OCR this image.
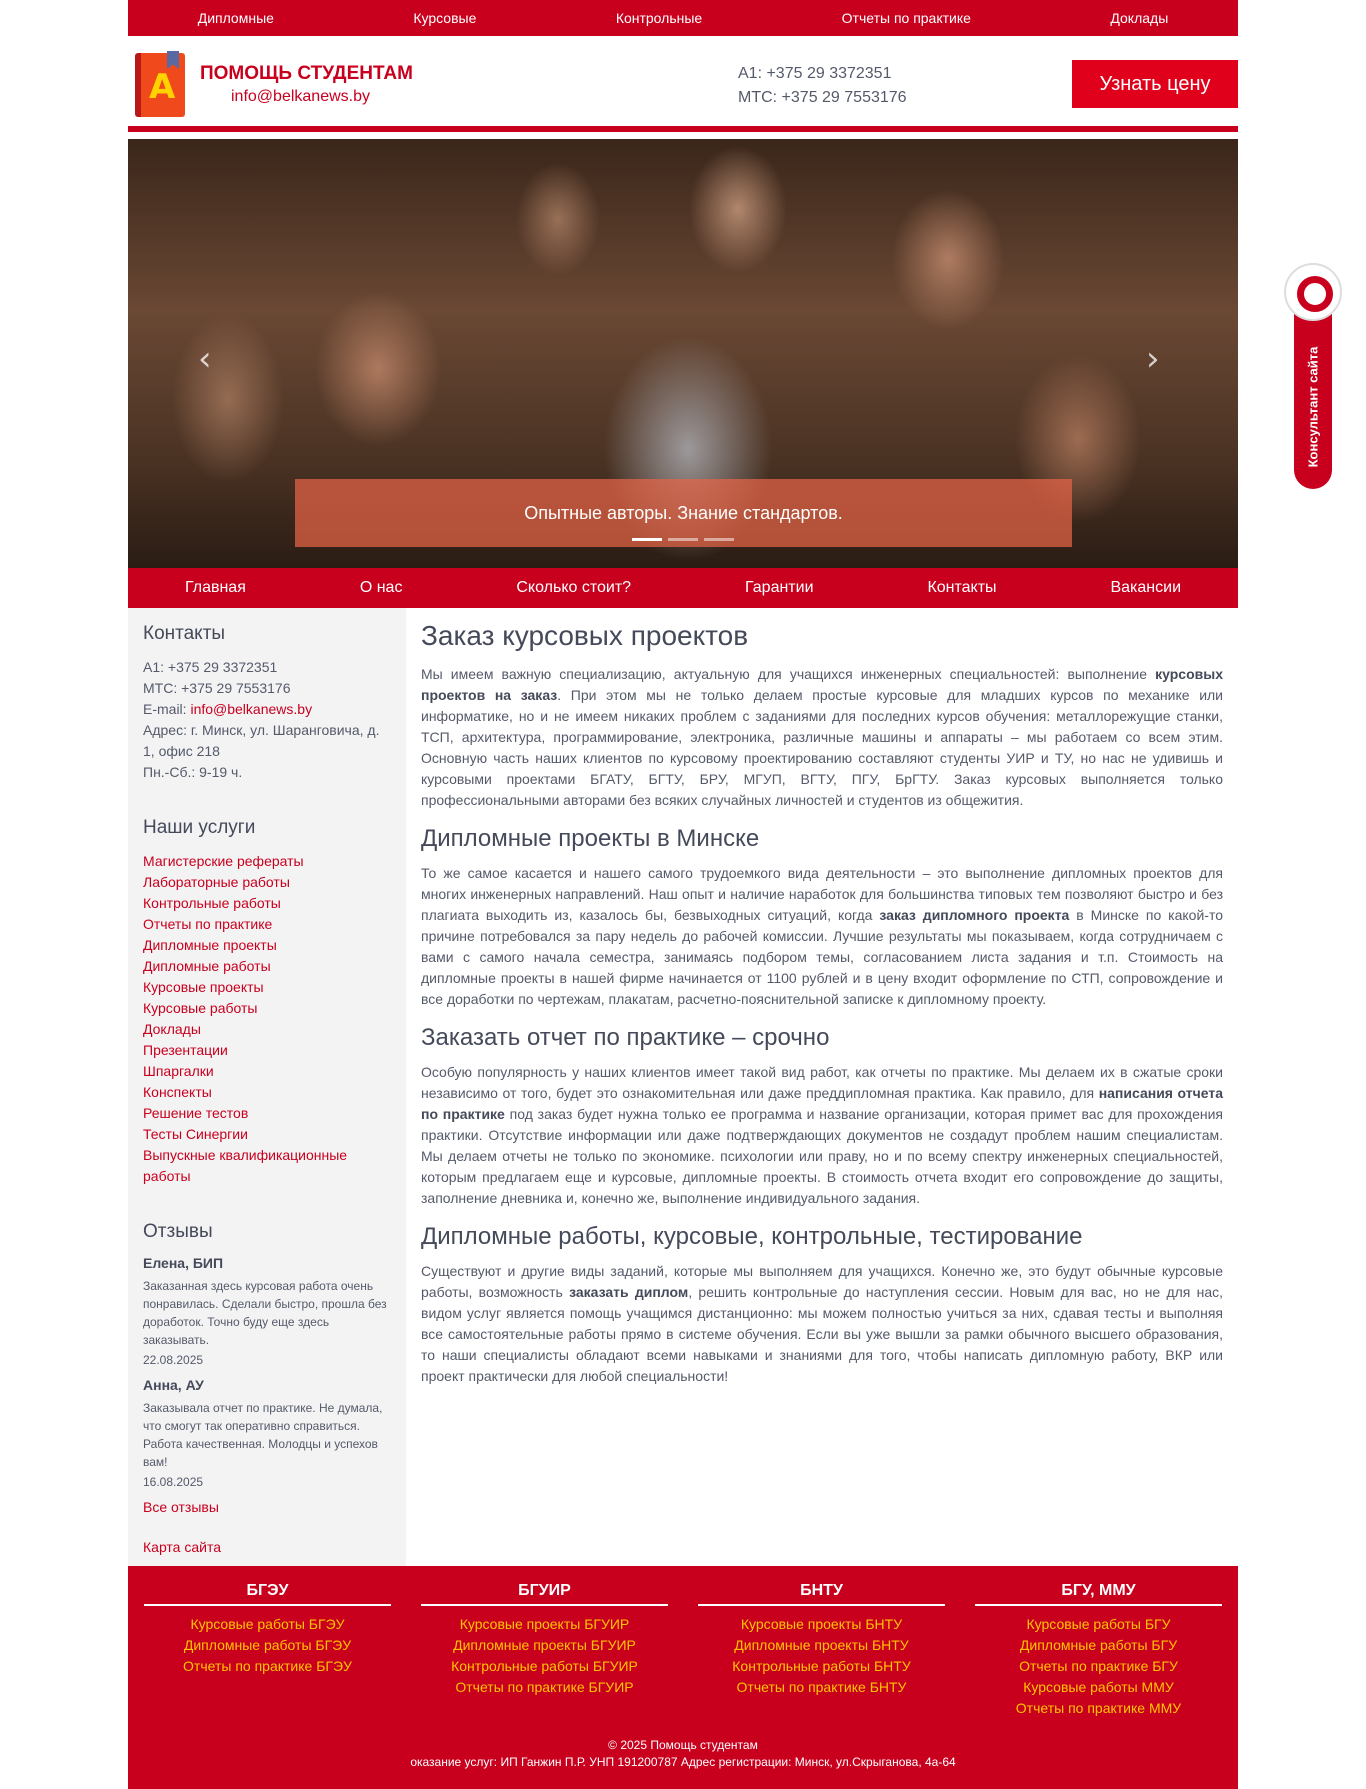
Дипломные	Курсовые	Контрольные	Отчеты по практике	Доклады
А ПОМОЩЬ СТУДЕНТАМ
info@belkanews.by
А1: +375 29 3372351
МТС: +375 29 7553176
Узнать цену
‹	›
Опытные авторы. Знание стандартов.
Главная	О нас	Сколько стоит?	Гарантии	Контакты	Вакансии
Контакты
А1: +375 29 3372351
МТС: +375 29 7553176
E-mail: info@belkanews.by
Адрес: г. Минск, ул. Шаранговича, д. 1, офис 218
Пн.-Сб.: 9-19 ч.
Наши услуги
Магистерские рефераты
Лабораторные работы
Контрольные работы
Отчеты по практике
Дипломные проекты
Дипломные работы
Курсовые проекты
Курсовые работы
Доклады
Презентации
Шпаргалки
Конспекты
Решение тестов
Тесты Синергии
Выпускные квалификационные работы
Отзывы
Елена, БИП
Заказанная здесь курсовая работа очень понравилась. Сделали быстро, прошла без доработок. Точно буду еще здесь заказывать.
22.08.2025
Анна, АУ
Заказывала отчет по практике. Не думала, что смогут так оперативно справиться. Работа качественная. Молодцы и успехов вам!
16.08.2025
Все отзывы
Карта сайта
Заказ курсовых проектов

Мы имеем важную специализацию, актуальную для учащихся инженерных специальностей: выполнение курсовых проектов на заказ. При этом мы не только делаем простые курсовые для младших курсов по механике или информатике, но и не имеем никаких проблем с заданиями для последних курсов обучения: металлорежущие станки, ТСП, архитектура, программирование, электроника, различные машины и аппараты – мы работаем со всем этим. Основную часть наших клиентов по курсовому проектированию составляют студенты УИР и ТУ, но нас не удивишь и курсовыми проектами БГАТУ, БГТУ, БРУ, МГУП, ВГТУ, ПГУ, БрГТУ. Заказ курсовых выполняется только профессиональными авторами без всяких случайных личностей и студентов из общежития.

Дипломные проекты в Минске

То же самое касается и нашего самого трудоемкого вида деятельности – это выполнение дипломных проектов для многих инженерных направлений. Наш опыт и наличие наработок для большинства типовых тем позволяют быстро и без плагиата выходить из, казалось бы, безвыходных ситуаций, когда заказ дипломного проекта в Минске по какой-то причине потребовался за пару недель до рабочей комиссии. Лучшие результаты мы показываем, когда сотрудничаем с вами с самого начала семестра, занимаясь подбором темы, согласованием листа задания и т.п. Стоимость на дипломные проекты в нашей фирме начинается от 1100 рублей и в цену входит оформление по СТП, сопровождение и все доработки по чертежам, плакатам, расчетно-пояснительной записке к дипломному проекту.

Заказать отчет по практике – срочно

Особую популярность у наших клиентов имеет такой вид работ, как отчеты по практике. Мы делаем их в сжатые сроки независимо от того, будет это ознакомительная или даже преддипломная практика. Как правило, для написания отчета по практике под заказ будет нужна только ее программа и название организации, которая примет вас для прохождения практики. Отсутствие информации или даже подтверждающих документов не создадут проблем нашим специалистам. Мы делаем отчеты не только по экономике. психологии или праву, но и по всему спектру инженерных специальностей, которым предлагаем еще и курсовые, дипломные проекты. В стоимость отчета входит его сопровождение до защиты, заполнение дневника и, конечно же, выполнение индивидуального задания.

Дипломные работы, курсовые, контрольные, тестирование

Существуют и другие виды заданий, которые мы выполняем для учащихся. Конечно же, это будут обычные курсовые работы, возможность заказать диплом, решить контрольные до наступления сессии. Новым для вас, но не для нас, видом услуг является помощь учащимся дистанционно: мы можем полностью учиться за них, сдавая тесты и выполняя все самостоятельные работы прямо в системе обучения. Если вы уже вышли за рамки обычного высшего образования, то наши специалисты обладают всеми навыками и знаниями для того, чтобы написать дипломную работу, ВКР или проект практически для любой специальности!

БГЭУ
Курсовые работы БГЭУ
Дипломные работы БГЭУ
Отчеты по практике БГЭУ
БГУИР
Курсовые проекты БГУИР
Дипломные проекты БГУИР
Контрольные работы БГУИР
Отчеты по практике БГУИР
БНТУ
Курсовые проекты БНТУ
Дипломные проекты БНТУ
Контрольные работы БНТУ
Отчеты по практике БНТУ
БГУ, ММУ
Курсовые работы БГУ
Дипломные работы БГУ
Отчеты по практике БГУ
Курсовые работы ММУ
Отчеты по практике ММУ
© 2025 Помощь студентам
оказание услуг: ИП Ганжин П.Р. УНП 191200787 Адрес регистрации: Минск, ул.Скрыганова, 4а-64
Консультант сайта
